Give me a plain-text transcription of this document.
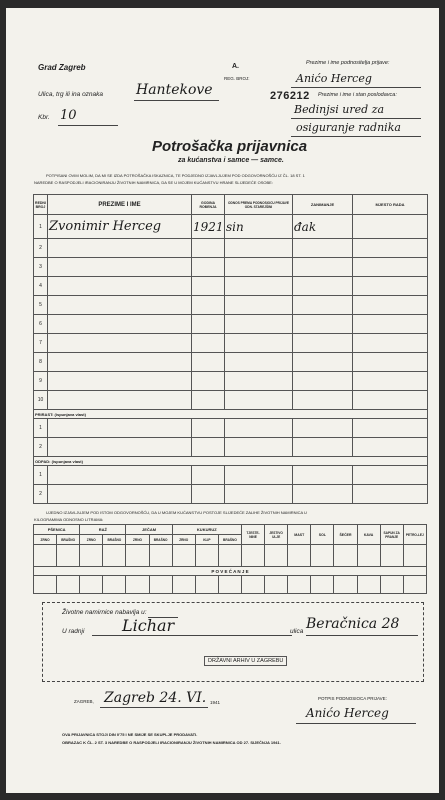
Grad Zagreb	A.
REG. BROJ:
Ulica, trg ili ina oznaka Hantekove	276212
Kbr. 10
Prezime i ime podnositelja prijave:
Anićo Herceg
Prezime i ime i stan poslodavca:
Bedinjsi ured za
osiguranje radnika
Potrošačka prijavnica
za kućanstva i samce — samce.
POTPISANI OVIM MOLIM, DA MI SE IZDA POTROŠAČKA ISKAZNICA, TE PODJEDNO IZJAVLJUJEM POD ODGOVORNOŠĆU IZ ČL. 18 ST. 1
NAREDBE O RASPODJELI IRACIONIRANJU ŽIVOTNIH NAMIRNICA, DA SE U MOJEM KUĆANSTVU HRANE SLIJEDEĆE OSOBE:
REDNI BROJ	PREZIME I IME	GODINA ROĐENJA	ODNOS PREMA PODNOSIOCU PRIJAVE ODN. STAREJŠINI	ZANIMANJE	MJESTO RADA
1	Zvonimir Herceg	1921	sin	đak	
2					
3					
4					
5					
6					
7					
8					
9					
10					
PRIRAST: (ispunjava vlast)					
1					
2					
ODPAD: (ispunjava vlast)					
1					
2					
UJEDNO IZJAVLJUJEM POD ISTOM ODGOVORNOŠĆU, DA U MOJEM KUĆANSTVU POSTOJE SLIJEDEĆE ZALIHE ŽIVOTNIH NAMIRNICA U
KILOGRAMIMA ODNOSNO LITRAMA:
PŠENICA		RAŽ		JEČAM		KUKURUZ			TJESTE-NINE	JESTIVO ULJE	MAST	SOL	ŠEĆER	KAVA	SAPUN ZA PRANJE	PETRO-LEJ
ZRNO	BRAŠNO	ZRNO	BRAŠNO	ZRNO	BRAŠNO	ZRNO	KLIP	BRAŠNO								

P O V E Ć A N J E																

Životne namirnice nabavlja u:
U radnji Lichar	ulica Beračnica 28
DRŽAVNI ARHIV U ZAGREBU
ZAGREB, Zagreb 24. VI. 1941
POTPIS PODNOSIOCA PRIJAVE:
Anićo Herceg
OVA PRIJAVNICA STOJI DIN 0'75 I NE SMIJE SE SKUPLJE PRODAVATI.
OBRAZAC K ČL. 2 ST. 3 NAREDBE O RASPODJELI IRACIONIRANJU ŽIVOTNIH NAMIRNICA OD 27. SIJEČNJA 1941.
